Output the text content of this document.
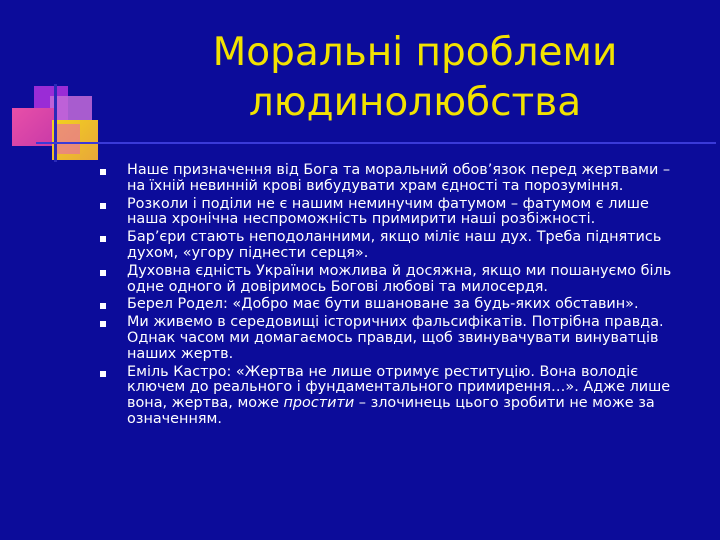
Моральні проблеми людинолюбства
Наше призначення від Бога та моральний обов’язок перед жертвами – на їхній невинній крові вибудувати храм єдності та порозуміння.
Розколи і поділи не є нашим неминучим фатумом – фатумом є лише наша хронічна неспроможність примирити наші розбіжності.
Бар’єри стають неподоланними, якщо міліє наш дух. Треба піднятись духом, «угору піднести серця».
Духовна єдність України можлива й досяжна, якщо ми пошануємо біль одне одного й довіримось Богові любові та милосердя.
Берел Родел: «Добро має бути вшановане за будь-яких обставин».
Ми живемо в середовищі історичних фальсифікатів. Потрібна правда. Однак часом ми домагаємось правди, щоб звинувачувати винуватців наших жертв.
Еміль Кастро: «Жертва не лише отримує реституцію. Вона володіє ключем до реального і фундаментального примирення…». Адже лише вона, жертва, може простити – злочинець цього зробити не може за означенням.
